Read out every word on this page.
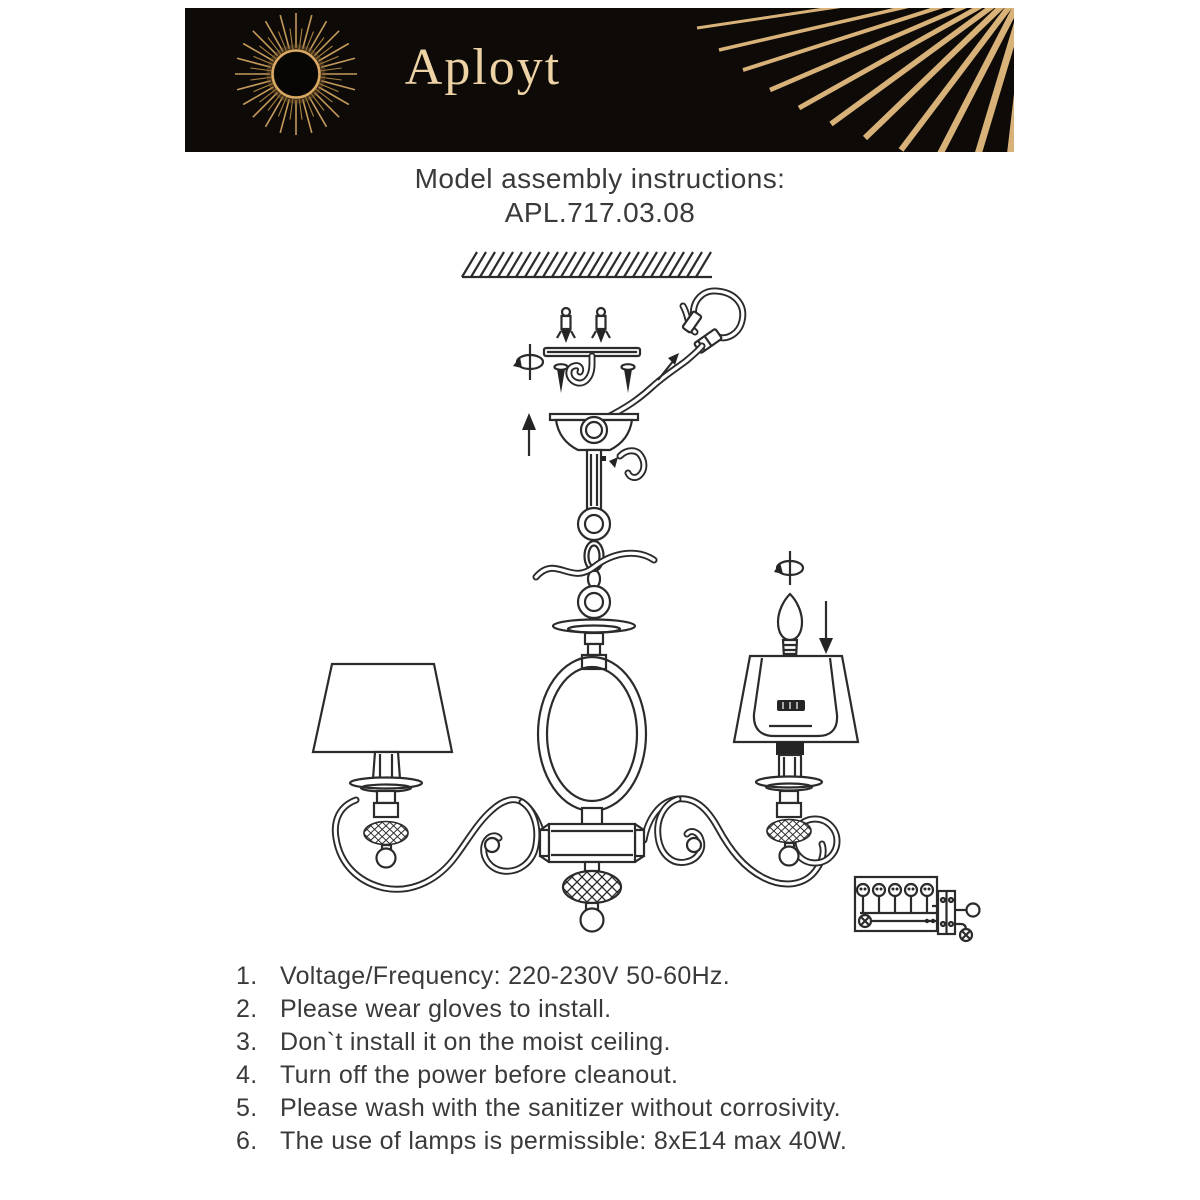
Aployt

Model assembly instructions:

APL.717.03.08

1. Voltage/Frequency: 220-230V 50-60Hz.
2. Please wear gloves to install.
3. Don`t install it on the moist ceiling.
4. Turn off the power before cleanout.
5. Please wash with the sanitizer without corrosivity.
6. The use of lamps is permissible: 8xE14 max 40W.
